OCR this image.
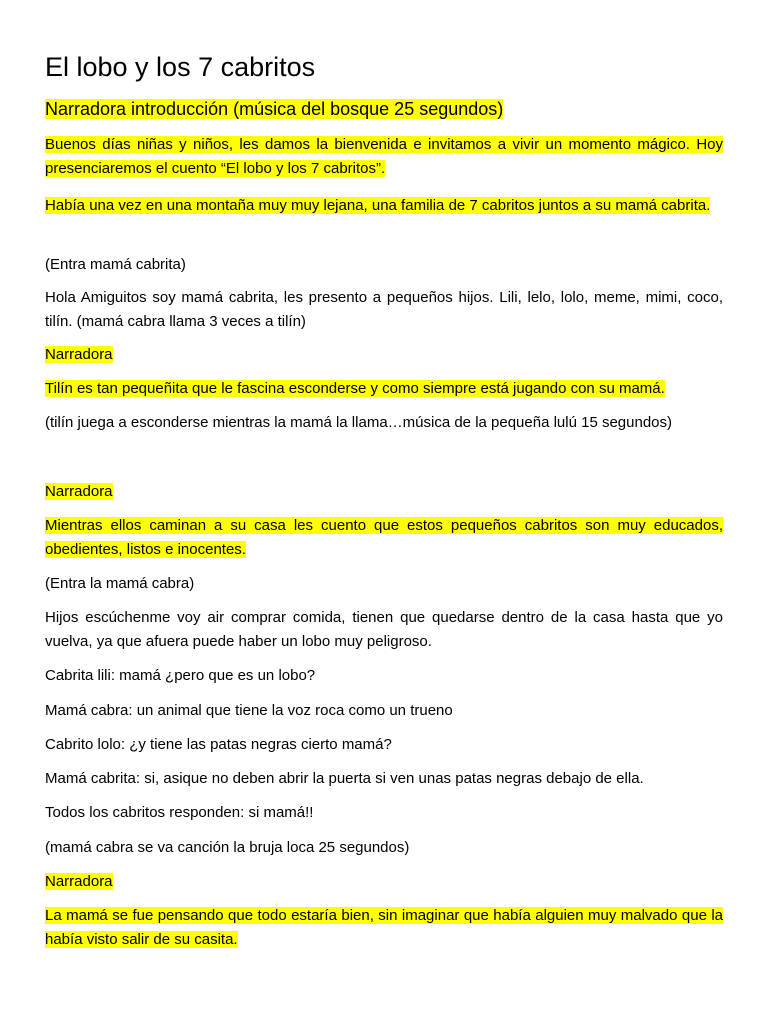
El lobo y los 7 cabritos
Narradora introducción (música del bosque 25 segundos)

Buenos días niñas y niños, les damos la bienvenida e invitamos a vivir un momento mágico. Hoy presenciaremos el cuento “El lobo y los 7 cabritos”.

Había una vez en una montaña muy muy lejana, una familia de 7 cabritos juntos a su mamá cabrita.

(Entra mamá cabrita)

Hola Amiguitos soy mamá cabrita, les presento a pequeños hijos. Lili, lelo, lolo, meme, mimi, coco, tilín. (mamá cabra llama 3 veces a tilín)

Narradora

Tilín es tan pequeñita que le fascina esconderse y como siempre está jugando con su mamá.

(tilín juega a esconderse mientras la mamá la llama…música de la pequeña lulú 15 segundos)

Narradora

Mientras ellos caminan a su casa les cuento que estos pequeños cabritos son muy educados, obedientes, listos e inocentes.

(Entra la mamá cabra)

Hijos escúchenme voy air comprar comida, tienen que quedarse dentro de la casa hasta que yo vuelva, ya que afuera puede haber un lobo muy peligroso.

Cabrita lili: mamá ¿pero que es un lobo?

Mamá cabra: un animal que tiene la voz roca como un trueno

Cabrito lolo: ¿y tiene las patas negras cierto mamá?

Mamá cabrita: si, asique no deben abrir la puerta si ven unas patas negras debajo de ella.

Todos los cabritos responden: si mamá!!

(mamá cabra se va canción la bruja loca 25 segundos)

Narradora

La mamá se fue pensando que todo estaría bien, sin imaginar que había alguien muy malvado que la había visto salir de su casita.
